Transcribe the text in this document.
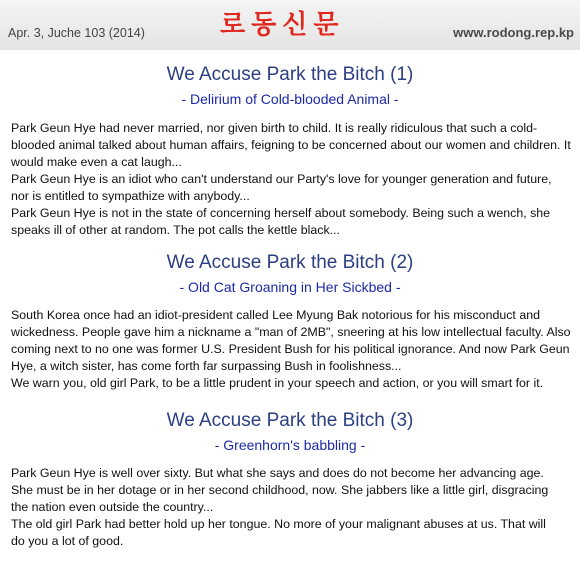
Apr. 3, Juche 103 (2014)	로동신문	www.rodong.rep.kp
We Accuse Park the Bitch (1)
- Delirium of Cold-blooded Animal -

Park Geun Hye had never married, nor given birth to child. It is really ridiculous that such a cold-blooded animal talked about human affairs, feigning to be concerned about our women and children. It would make even a cat laugh...

Park Geun Hye is an idiot who can't understand our Party's love for younger generation and future, nor is entitled to sympathize with anybody...

Park Geun Hye is not in the state of concerning herself about somebody. Being such a wench, she speaks ill of other at random. The pot calls the kettle black...

We Accuse Park the Bitch (2)
- Old Cat Groaning in Her Sickbed -

South Korea once had an idiot-president called Lee Myung Bak notorious for his misconduct and wickedness. People gave him a nickname a "man of 2MB", sneering at his low intellectual faculty. Also coming next to no one was former U.S. President Bush for his political ignorance. And now Park Geun Hye, a witch sister, has come forth far surpassing Bush in foolishness...

We warn you, old girl Park, to be a little prudent in your speech and action, or you will smart for it.

We Accuse Park the Bitch (3)
- Greenhorn's babbling -

Park Geun Hye is well over sixty. But what she says and does do not become her advancing age. She must be in her dotage or in her second childhood, now. She jabbers like a little girl, disgracing the nation even outside the country...

The old girl Park had better hold up her tongue. No more of your malignant abuses at us. That will do you a lot of good.
